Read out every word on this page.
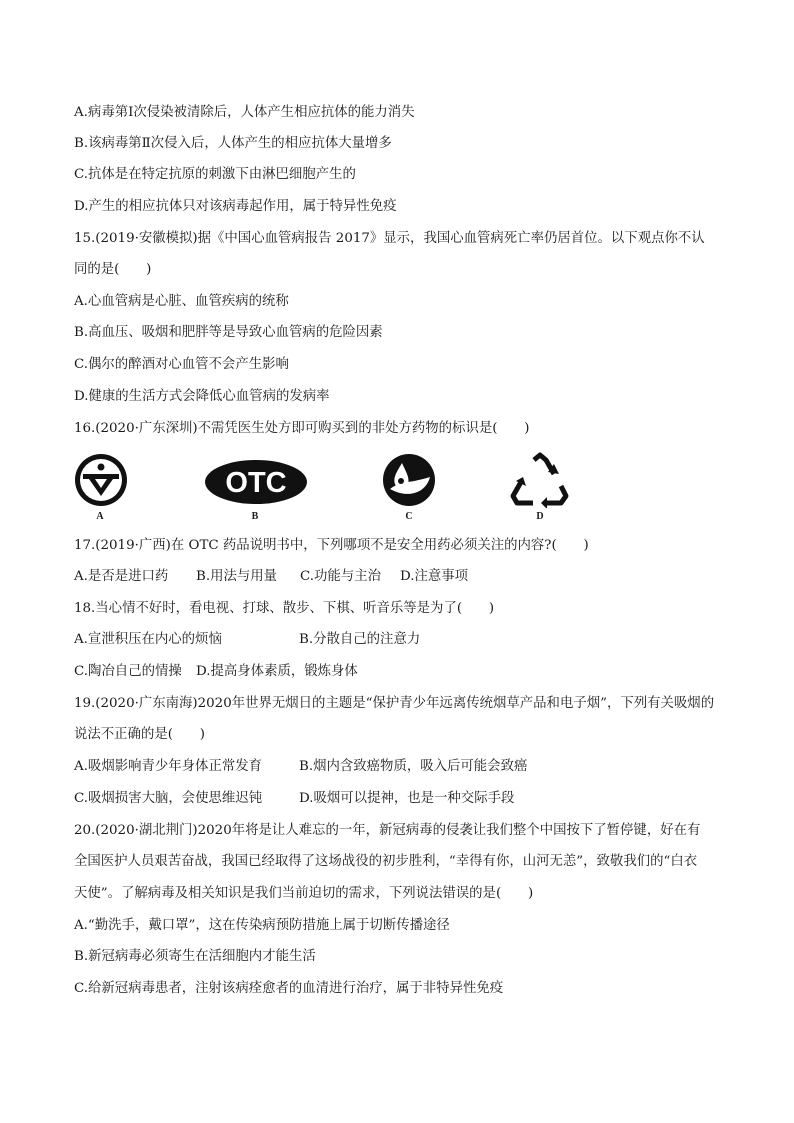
A.病毒第Ⅰ次侵染被清除后，人体产生相应抗体的能力消失
B.该病毒第Ⅱ次侵入后，人体产生的相应抗体大量增多
C.抗体是在特定抗原的刺激下由淋巴细胞产生的
D.产生的相应抗体只对该病毒起作用，属于特异性免疫
15.(2019·安徽模拟)据《中国心血管病报告 2017》显示，我国心血管病死亡率仍居首位。以下观点你不认
同的是(　　)
A.心血管病是心脏、血管疾病的统称
B.高血压、吸烟和肥胖等是导致心血管病的危险因素
C.偶尔的醉酒对心血管不会产生影响
D.健康的生活方式会降低心血管病的发病率
16.(2020·广东深圳)不需凭医生处方即可购买到的非处方药物的标识是(　　)
A
OTC
B	C	D
17.(2019·广西)在 OTC 药品说明书中，下列哪项不是安全用药必须关注的内容?(　　)
A.是否是进口药 B.用法与用量 C.功能与主治 D.注意事项
18.当心情不好时，看电视、打球、散步、下棋、听音乐等是为了(　　)
A.宣泄积压在内心的烦恼	B.分散自己的注意力
C.陶冶自己的情操 D.提高身体素质，锻炼身体
19.(2020·广东南海)2020年世界无烟日的主题是“保护青少年远离传统烟草产品和电子烟”，下列有关吸烟的
说法不正确的是(　　)
A.吸烟影响青少年身体正常发育	B.烟内含致癌物质，吸入后可能会致癌
C.吸烟损害大脑，会使思维迟钝	D.吸烟可以提神，也是一种交际手段
20.(2020·湖北荆门)2020年将是让人难忘的一年，新冠病毒的侵袭让我们整个中国按下了暂停键，好在有
全国医护人员艰苦奋战，我国已经取得了这场战役的初步胜利，“幸得有你，山河无恙”，致敬我们的“白衣
天使”。了解病毒及相关知识是我们当前迫切的需求，下列说法错误的是(　　)
A.“勤洗手，戴口罩”，这在传染病预防措施上属于切断传播途径
B.新冠病毒必须寄生在活细胞内才能生活
C.给新冠病毒患者，注射该病痊愈者的血清进行治疗，属于非特异性免疫
